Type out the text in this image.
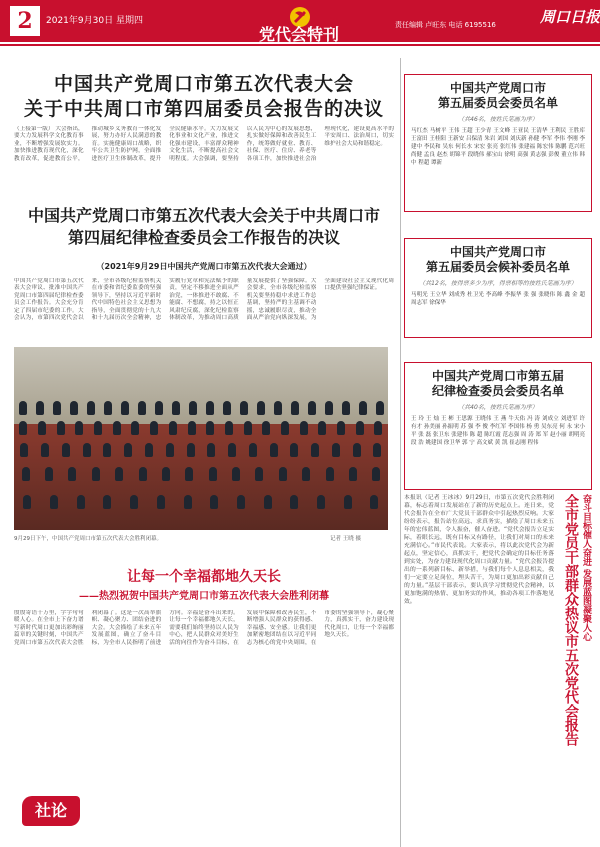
2	2021年9月30日 星期四
党代会特刊	责任编辑 卢旺东 电话 6195516	周口日报
中国共产党周口市第五次代表大会
关于中共周口市第四届委员会报告的决议
（上接第一版） 大会指出，要大力发展科学文化教育事业，不断增强发展软实力。加快推进教育现代化，深化教育改革，促进教育公平，推动城乡义务教育一体化发展，努力办好人民满意的教育。实施健康周口战略，织牢公共卫生防护网，全面推进医疗卫生体制改革，提升全民健康水平。大力发展文化事业和文化产业，推进文化强市建设，丰富群众精神文化生活，不断提高社会文明程度。大会强调，要坚持以人民为中心的发展思想，扎实做好保障和改善民生工作，统筹做好就业、教育、社保、医疗、住房、养老等各项工作，加快推进社会治理现代化，建设更高水平的平安周口、法治周口，切实维护社会大局和谐稳定。
中国共产党周口市第五次代表大会关于中共周口市
第四届纪律检查委员会工作报告的决议
（2021年9月29日中国共产党周口市第五次代表大会通过）
中国共产党周口市第五次代表大会审议、批准中国共产党周口市第四届纪律检查委员会工作报告。大会充分肯定了四届市纪委的工作。大会认为，市第四次党代会以来，全市各级纪检监察机关在市委和省纪委监委的坚强领导下，坚持以习近平新时代中国特色社会主义思想为指导，全面贯彻党的十九大和十九届历次全会精神，忠实履行党章和宪法赋予的职责，坚定不移推进全面从严治党，一体推进不敢腐、不能腐、不想腐，持之以恒正风肃纪反腐，深化纪检监察体制改革，为推动周口高质量发展提供了坚强保障。大会要求，全市各级纪检监察机关要坚持稳中求进工作总基调，坚持严的主基调不动摇，忠诚履职尽责，推动全面从严治党向纵深发展，为全面建设社会主义现代化周口提供坚强纪律保证。
9月29日下午，中国共产党周口市第五次代表大会胜利闭幕。	记者 王晓 摄
让每一个幸福都地久天长
——热烈祝贺中国共产党周口市第五次代表大会胜利闭幕
殷殷寄语千万里，字字句句暖人心。在全市上下奋力谱写新时代周口更加出彩绚丽篇章的关键时刻，中国共产党周口市第五次代表大会胜利闭幕了。这是一次高举旗帜、凝心聚力、团结奋进的大会。大会描绘了未来五年发展蓝图，确立了奋斗目标，为全市人民指明了前进方向。幸福是奋斗出来的。让每一个幸福都地久天长，需要我们始终坚持以人民为中心，把人民群众对美好生活的向往作为奋斗目标，在发展中保障和改善民生，不断增强人民群众的获得感、幸福感、安全感。让我们更加紧密地团结在以习近平同志为核心的党中央周围，在市委的坚强领导下，凝心聚力，真抓实干，奋力建设现代化周口，让每一个幸福都地久天长。
社论
中国共产党周口市
第五届委员会委员名单
（共46名，按姓氏笔画为序）
马红杰 马树平 王伟 王超 王少青 王文峰 王亚民 王清华 王利民 王胜库 王富田 王桂阳 王新安 吕保清 朱岩 刘国 刘庆新 孙健 李军 李伟 李刚 李建中 李民和 吴东 何长水 宋宏 张亮 张红伟 张建福 陈宏伟 陈鹏 范兴旺 尚健 孟良 赵杰 胡锦平 段晓伟 郝宝山 徐明 高强 黄志强 彭俊 董立伟 韩中 程超 谭新
中国共产党周口市
第五届委员会候补委员名单
（共12名，按得票多少为序，得票相等的按姓氏笔画为序）
马明光 王立华 刘成秀 杜卫光 李高峰 李振华 张 强 张晓伟 陈 鑫 金 超 周志军 徐保华
中国共产党周口市第五届
纪律检查委员会委员名单
（共40名，按姓氏笔画为序）
王 玲 王 灿 王 彬 王思源 王晓伟 王 燕 牛天佑 冯 涛 刘成立 刘进军 许有才 孙美丽 孙振明 苏 强 李 俊 李红军 李国伟 杨 勇 吴东亮 何 永 宋小平 张 磊 张卫东 张建伟 陈 超 陈红霞 范志强 周 涛 郑 军 赵小丽 胡明亮 段 浩 姚建国 徐卫华 郭 宁 高文斌 黄 凯 崔志刚 程伟
本报讯（记者 王冰冰）9月29日，市第五次党代会胜利闭幕，标志着周口发展站在了新的历史起点上。连日来，党代会报告在全市广大党员干部群众中引起热烈反响。大家纷纷表示，报告站位高远、求真务实，描绘了周口未来五年的宏伟蓝图，令人振奋，催人奋进。“党代会报告立足实际，着眼长远，既有目标又有路径，让我们对周口的未来充满信心。”市民代表说。大家表示，将以此次党代会为新起点，坚定信心，真抓实干，把党代会确定的目标任务落到实处，为奋力建设现代化周口贡献力量。“党代会报告提出的一系列新目标、新举措，与我们每个人息息相关，我们一定要立足岗位，埋头苦干，为周口更加出彩贡献自己的力量。”基层干部表示，要认真学习贯彻党代会精神，以更加饱满的热情、更加务实的作风，推动各项工作落地见效。	奋斗目标催人奋进 发展蓝图凝聚人心
全市党员干部群众热议市五次党代会报告
